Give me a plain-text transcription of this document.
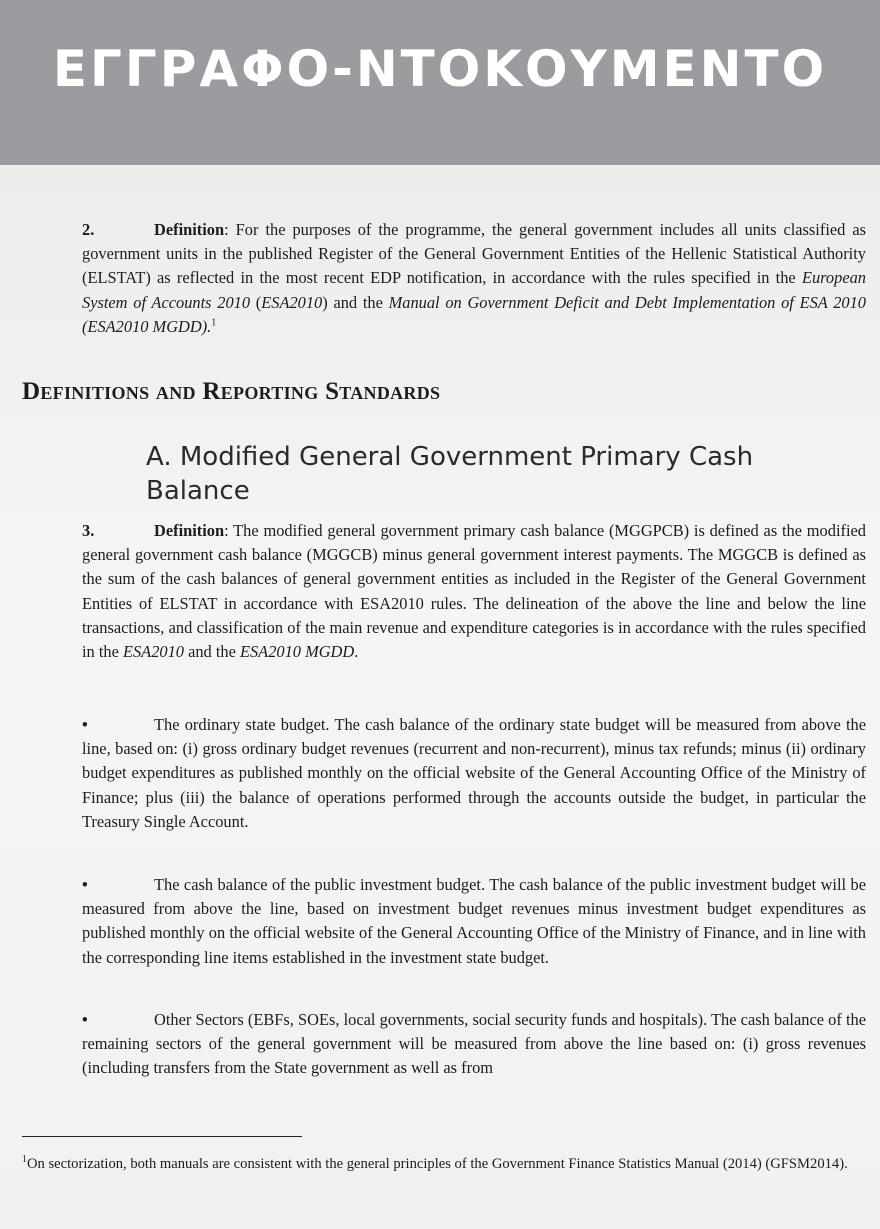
ΕΓΓΡΑΦΟ-ΝΤΟΚΟΥΜΕΝΤΟ
2.	Definition: For the purposes of the programme, the general government includes all units classified as government units in the published Register of the General Government Entities of the Hellenic Statistical Authority (ELSTAT) as reflected in the most recent EDP notification, in accordance with the rules specified in the European System of Accounts 2010 (ESA2010) and the Manual on Government Deficit and Debt Implementation of ESA 2010 (ESA2010 MGDD).$^1$
Definitions and Reporting Standards
A. Modified General Government Primary Cash Balance
3.	Definition: The modified general government primary cash balance (MGGPCB) is defined as the modified general government cash balance (MGGCB) minus general government interest payments. The MGGCB is defined as the sum of the cash balances of general government entities as included in the Register of the General Government Entities of ELSTAT in accordance with ESA2010 rules. The delineation of the above the line and below the line transactions, and classification of the main revenue and expenditure categories is in accordance with the rules specified in the ESA2010 and the ESA2010 MGDD.
•	The ordinary state budget. The cash balance of the ordinary state budget will be measured from above the line, based on: (i) gross ordinary budget revenues (recurrent and non-recurrent), minus tax refunds; minus (ii) ordinary budget expenditures as published monthly on the official website of the General Accounting Office of the Ministry of Finance; plus (iii) the balance of operations performed through the accounts outside the budget, in particular the Treasury Single Account.
•	The cash balance of the public investment budget. The cash balance of the public investment budget will be measured from above the line, based on investment budget revenues minus investment budget expenditures as published monthly on the official website of the General Accounting Office of the Ministry of Finance, and in line with the corresponding line items established in the investment state budget.
•	Other Sectors (EBFs, SOEs, local governments, social security funds and hospitals). The cash balance of the remaining sectors of the general government will be measured from above the line based on: (i) gross revenues (including transfers from the State government as well as from
$^1$On sectorization, both manuals are consistent with the general principles of the Government Finance Statistics Manual (2014) (GFSM2014).
